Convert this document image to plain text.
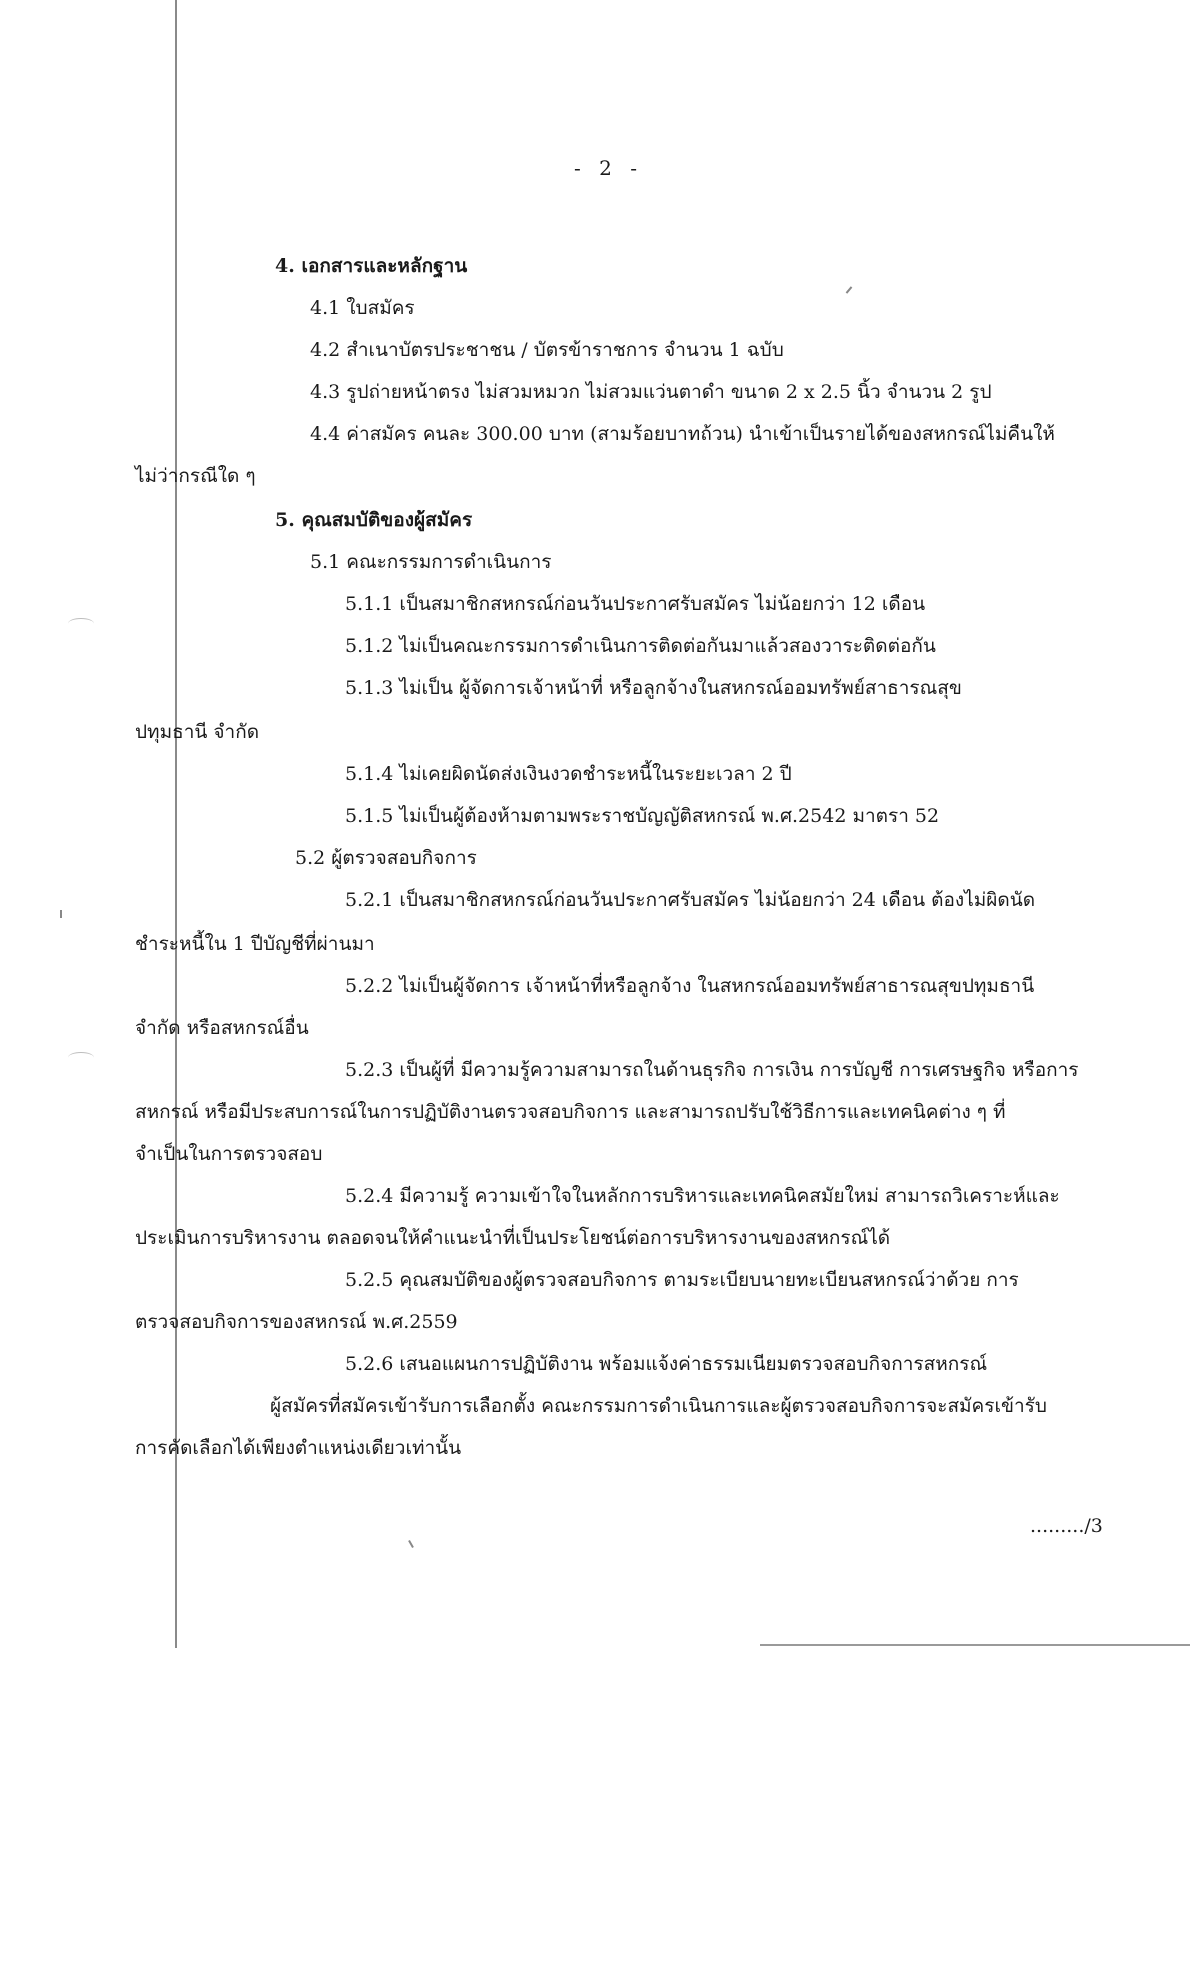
- 2 -
4. เอกสารและหลักฐาน
4.1 ใบสมัคร
4.2 สำเนาบัตรประชาชน / บัตรข้าราชการ จำนวน 1 ฉบับ
4.3 รูปถ่ายหน้าตรง ไม่สวมหมวก ไม่สวมแว่นตาดำ ขนาด 2 x 2.5 นิ้ว จำนวน 2 รูป
4.4 ค่าสมัคร คนละ 300.00 บาท (สามร้อยบาทถ้วน) นำเข้าเป็นรายได้ของสหกรณ์ไม่คืนให้
ไม่ว่ากรณีใด ๆ
5. คุณสมบัติของผู้สมัคร
5.1 คณะกรรมการดำเนินการ
5.1.1 เป็นสมาชิกสหกรณ์ก่อนวันประกาศรับสมัคร ไม่น้อยกว่า 12 เดือน
5.1.2 ไม่เป็นคณะกรรมการดำเนินการติดต่อกันมาแล้วสองวาระติดต่อกัน
5.1.3 ไม่เป็น ผู้จัดการเจ้าหน้าที่ หรือลูกจ้างในสหกรณ์ออมทรัพย์สาธารณสุข
ปทุมธานี จำกัด
5.1.4 ไม่เคยผิดนัดส่งเงินงวดชำระหนี้ในระยะเวลา 2 ปี
5.1.5 ไม่เป็นผู้ต้องห้ามตามพระราชบัญญัติสหกรณ์ พ.ศ.2542 มาตรา 52
5.2 ผู้ตรวจสอบกิจการ
5.2.1 เป็นสมาชิกสหกรณ์ก่อนวันประกาศรับสมัคร ไม่น้อยกว่า 24 เดือน ต้องไม่ผิดนัด
ชำระหนี้ใน 1 ปีบัญชีที่ผ่านมา
5.2.2 ไม่เป็นผู้จัดการ เจ้าหน้าที่หรือลูกจ้าง ในสหกรณ์ออมทรัพย์สาธารณสุขปทุมธานี
จำกัด หรือสหกรณ์อื่น
5.2.3 เป็นผู้ที่ มีความรู้ความสามารถในด้านธุรกิจ การเงิน การบัญชี การเศรษฐกิจ หรือการ
สหกรณ์ หรือมีประสบการณ์ในการปฏิบัติงานตรวจสอบกิจการ และสามารถปรับใช้วิธีการและเทคนิคต่าง ๆ ที่
จำเป็นในการตรวจสอบ
5.2.4 มีความรู้ ความเข้าใจในหลักการบริหารและเทคนิคสมัยใหม่ สามารถวิเคราะห์และ
ประเมินการบริหารงาน ตลอดจนให้คำแนะนำที่เป็นประโยชน์ต่อการบริหารงานของสหกรณ์ได้
5.2.5 คุณสมบัติของผู้ตรวจสอบกิจการ ตามระเบียบนายทะเบียนสหกรณ์ว่าด้วย การ
ตรวจสอบกิจการของสหกรณ์ พ.ศ.2559
5.2.6 เสนอแผนการปฏิบัติงาน พร้อมแจ้งค่าธรรมเนียมตรวจสอบกิจการสหกรณ์
ผู้สมัครที่สมัครเข้ารับการเลือกตั้ง คณะกรรมการดำเนินการและผู้ตรวจสอบกิจการจะสมัครเข้ารับ
การคัดเลือกได้เพียงตำแหน่งเดียวเท่านั้น
........./3
